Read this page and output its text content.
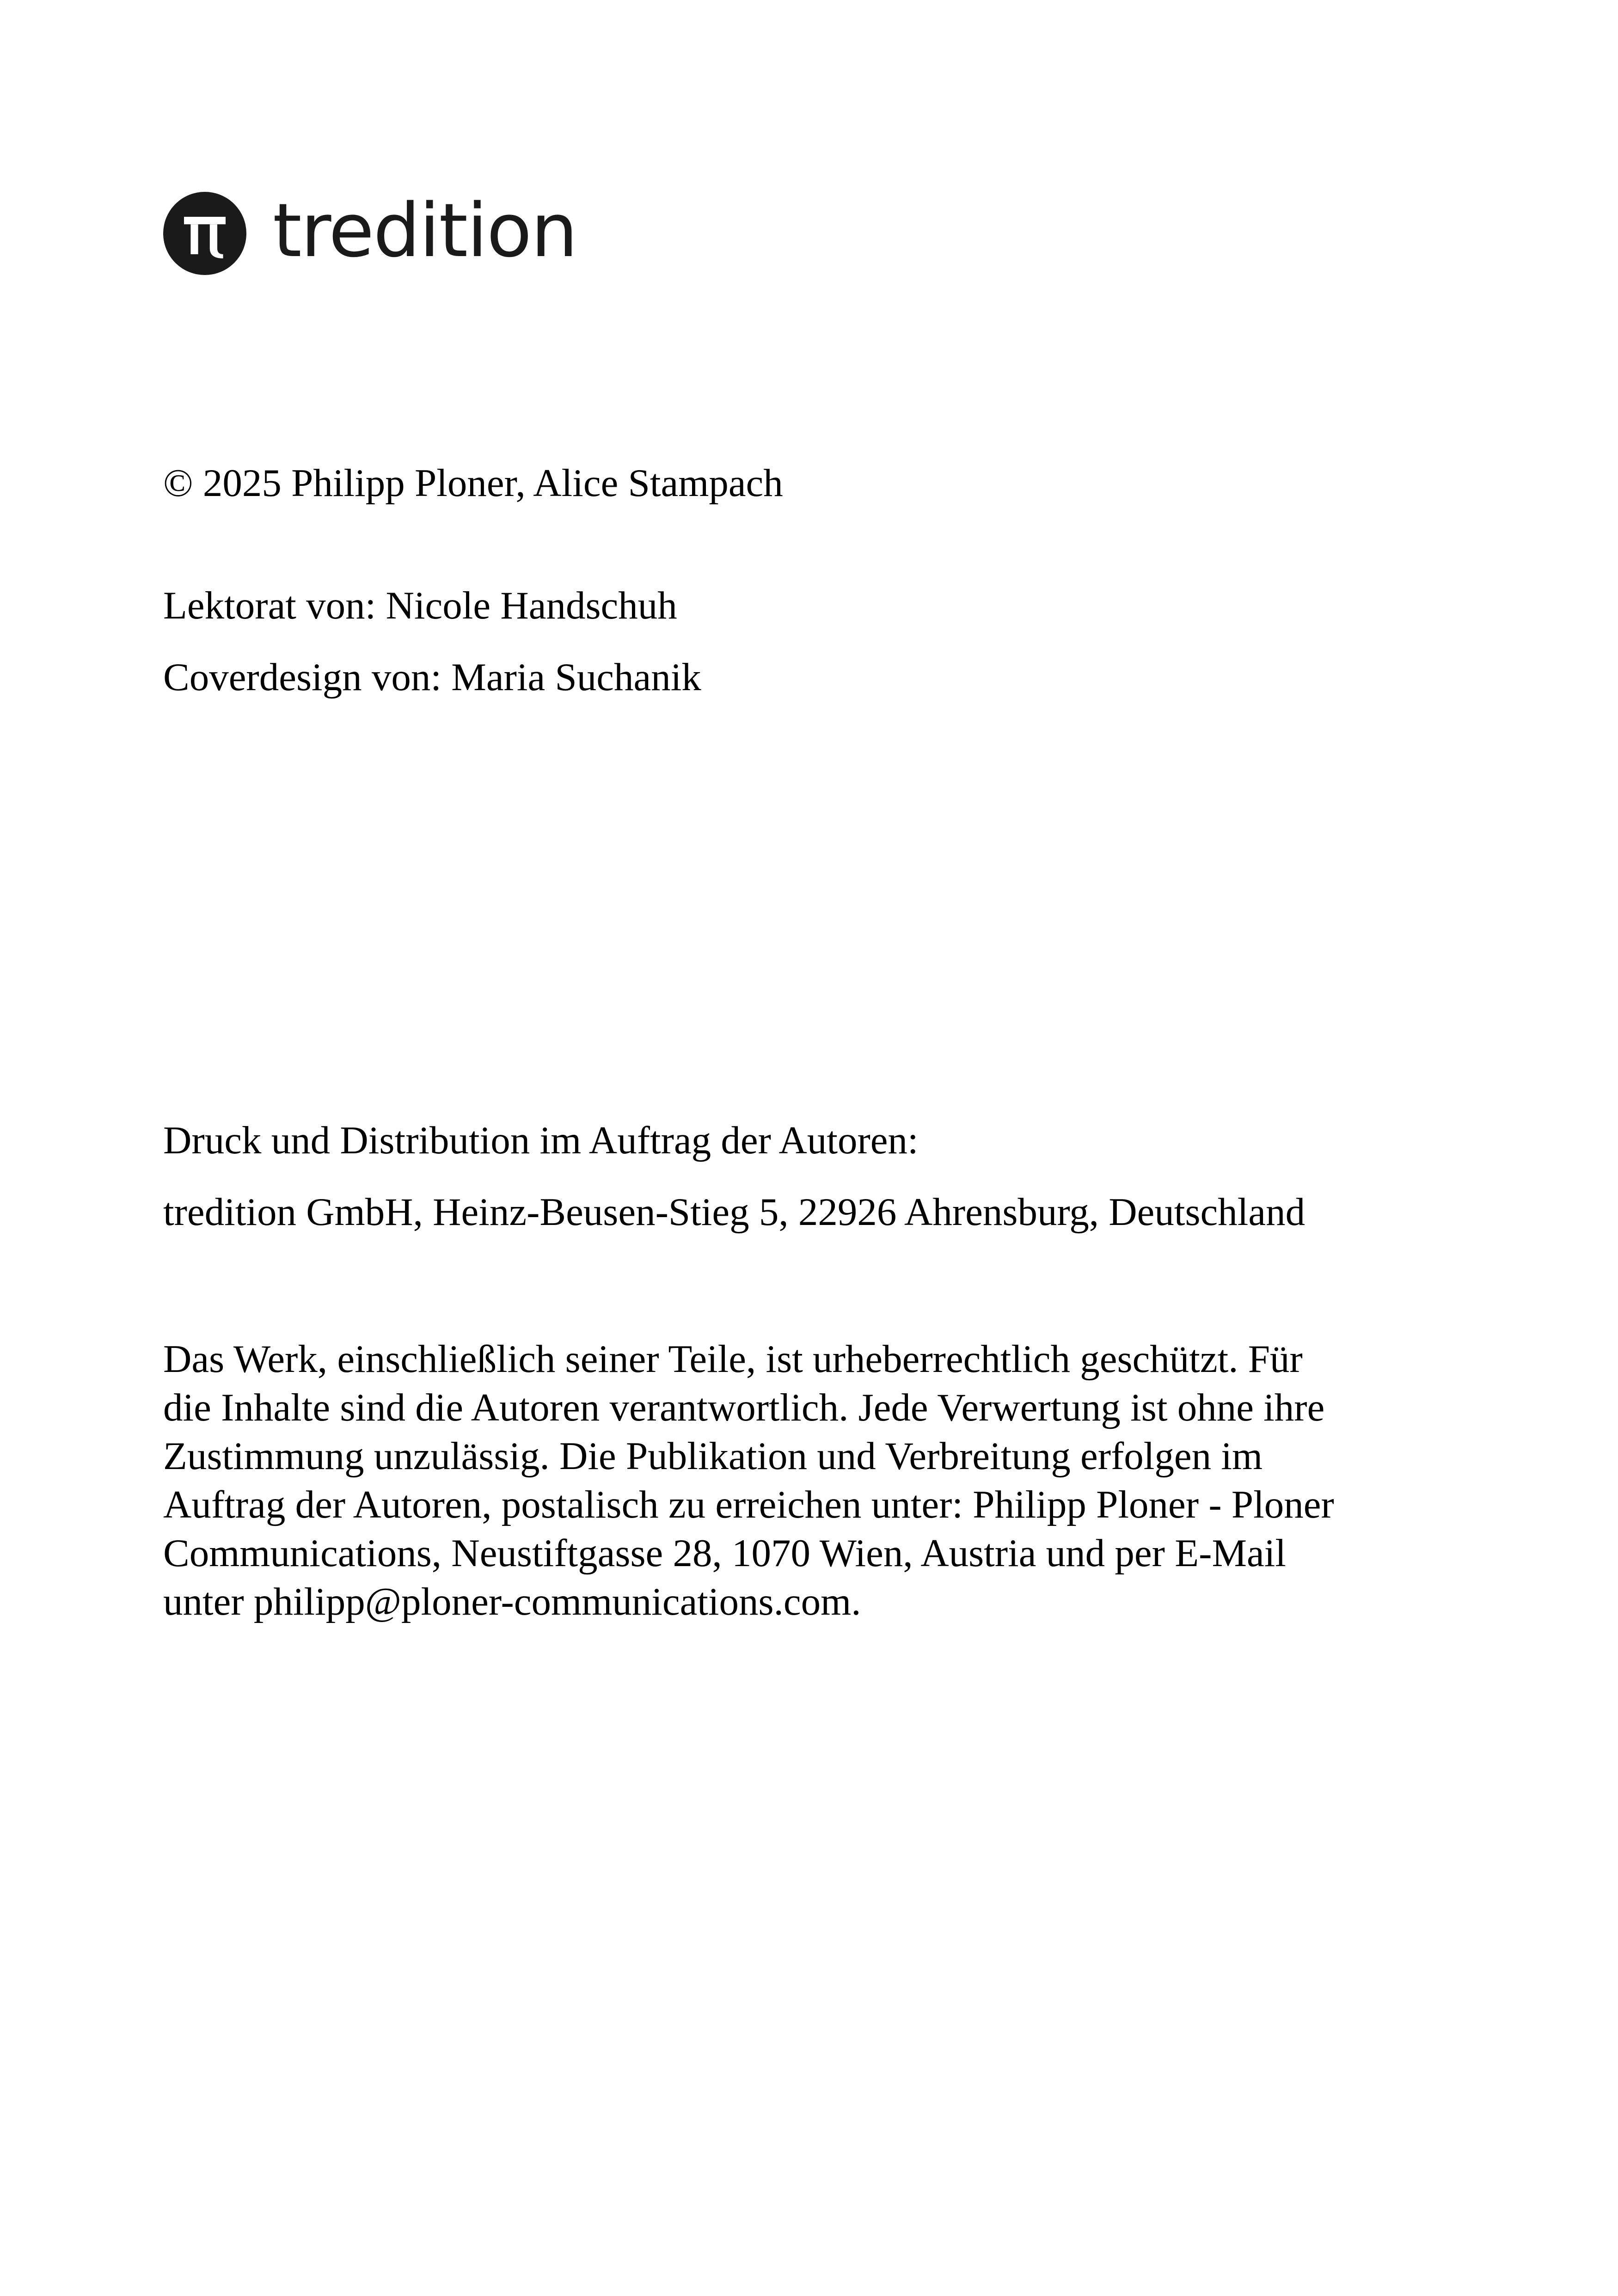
tredition
© 2025 Philipp Ploner, Alice Stampach
Lektorat von: Nicole Handschuh
Coverdesign von: Maria Suchanik
Druck und Distribution im Auftrag der Autoren:
tredition GmbH, Heinz-Beusen-Stieg 5, 22926 Ahrensburg, Deutschland

Das Werk, einschließlich seiner Teile, ist urheberrechtlich geschützt. Für
die Inhalte sind die Autoren verantwortlich. Jede Verwertung ist ohne ihre
Zustimmung unzulässig. Die Publikation und Verbreitung erfolgen im
Auftrag der Autoren, postalisch zu erreichen unter: Philipp Ploner - Ploner
Communications, Neustiftgasse 28, 1070 Wien, Austria und per E-Mail
unter philipp@ploner-communications.com.
